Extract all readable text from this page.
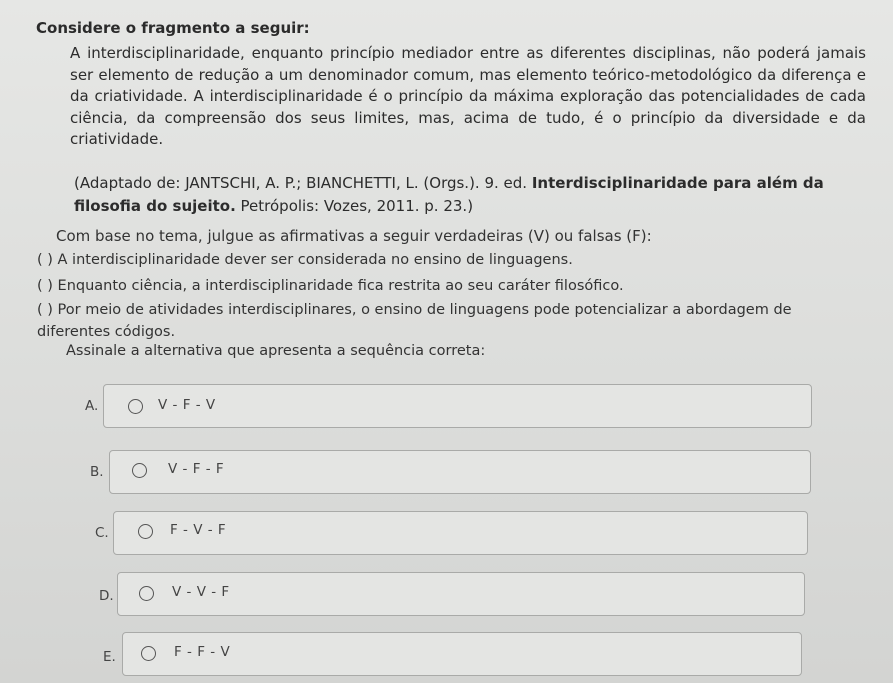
Considere o fragmento a seguir:
A interdisciplinaridade, enquanto princípio mediador entre as diferentes disciplinas, não poderá jamais ser elemento de redução a um denominador comum, mas elemento teórico-metodológico da diferença e da criatividade. A interdisciplinaridade é o princípio da máxima exploração das potencialidades de cada ciência, da compreensão dos seus limites, mas, acima de tudo, é o princípio da diversidade e da criatividade.
(Adaptado de: JANTSCHI, A. P.; BIANCHETTI, L. (Orgs.). 9. ed. Interdisciplinaridade para além da filosofia do sujeito. Petrópolis: Vozes, 2011. p. 23.)
Com base no tema, julgue as afirmativas a seguir verdadeiras (V) ou falsas (F):
( ) A interdisciplinaridade dever ser considerada no ensino de linguagens.
( ) Enquanto ciência, a interdisciplinaridade fica restrita ao seu caráter filosófico.
( ) Por meio de atividades interdisciplinares, o ensino de linguagens pode potencializar a abordagem de
diferentes códigos.
Assinale a alternativa que apresenta a sequência correta:
A.	V - F - V
B.	V - F - F
C.	F - V - F
D.	V - V - F
E.	F - F - V
